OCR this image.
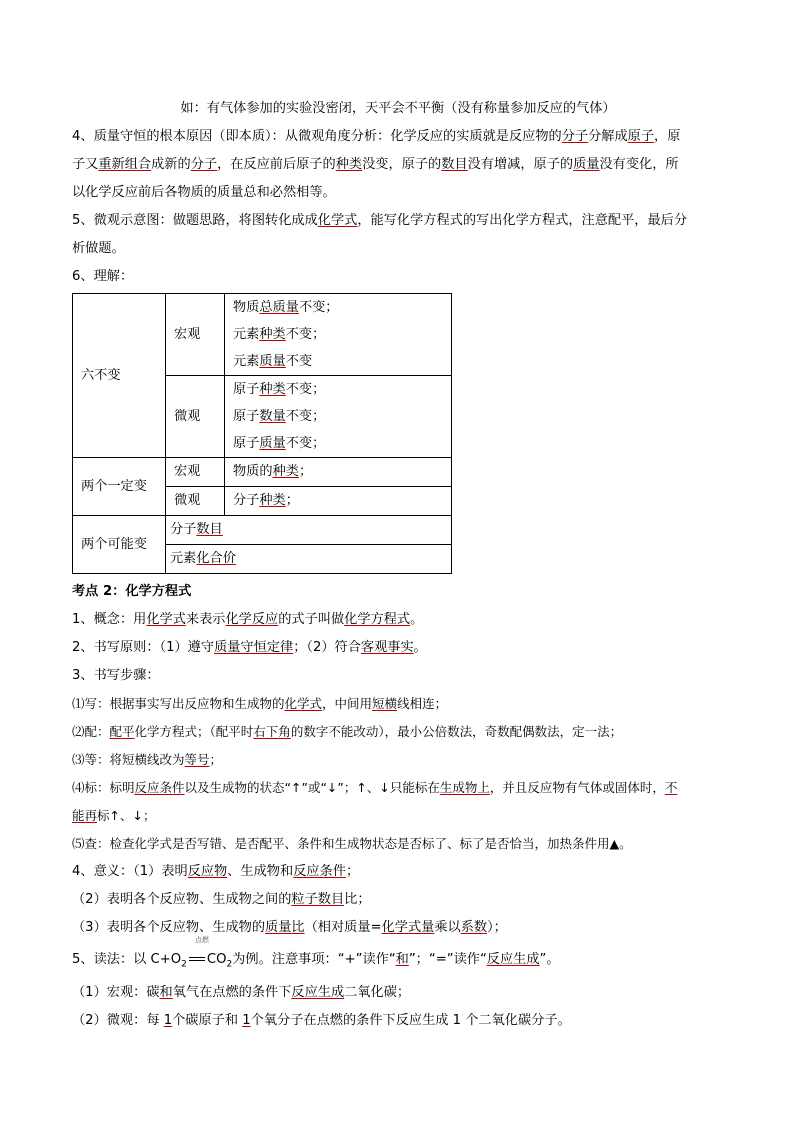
如：有气体参加的实验没密闭，天平会不平衡（没有称量参加反应的气体）
4、质量守恒的根本原因（即本质）：从微观角度分析：化学反应的实质就是反应物的分子分解成原子，原
子又重新组合成新的分子，在反应前后原子的种类没变，原子的数目没有增减，原子的质量没有变化，所
以化学反应前后各物质的质量总和必然相等。
5、微观示意图：做题思路，将图转化成成化学式，能写化学方程式的写出化学方程式，注意配平，最后分
析做题。
6、理解：
六不变	宏观	物质总质量不变；
元素种类不变；
元素质量不变

	微观	原子种类不变；
原子数量不变；
原子质量不变；

两个一定变	宏观	物质的种类；
	微观	分子种类；
两个可能变	分子数目	
	元素化合价	
考点 2：化学方程式
1、概念：用化学式来表示化学反应的式子叫做化学方程式。
2、书写原则：（1）遵守质量守恒定律；（2）符合客观事实。
3、书写步骤：
⑴写：根据事实写出反应物和生成物的化学式，中间用短横线相连；
⑵配：配平化学方程式；（配平时右下角的数字不能改动），最小公倍数法，奇数配偶数法，定一法；
⑶等：将短横线改为等号；
⑷标：标明反应条件以及生成物的状态“↑”或“↓”；↑、↓只能标在生成物上，并且反应物有气体或固体时，不
能再标↑、↓；
⑸查：检查化学式是否写错、是否配平、条件和生成物状态是否标了、标了是否恰当，加热条件用▲。
4、意义：（1）表明反应物、生成物和反应条件；
（2）表明各个反应物、生成物之间的粒子数目比；
（3）表明各个反应物、生成物的质量比（相对质量=化学式量乘以系数）；
5、读法：以 $C+O_2$
点燃
$CO_2$为例。注意事项：“+”读作“和”；“=”读作“反应生成”。
（1）宏观：碳和氧气在点燃的条件下反应生成二氧化碳；
（2）微观：每 1个碳原子和 1个氧分子在点燃的条件下反应生成 1 个二氧化碳分子。
